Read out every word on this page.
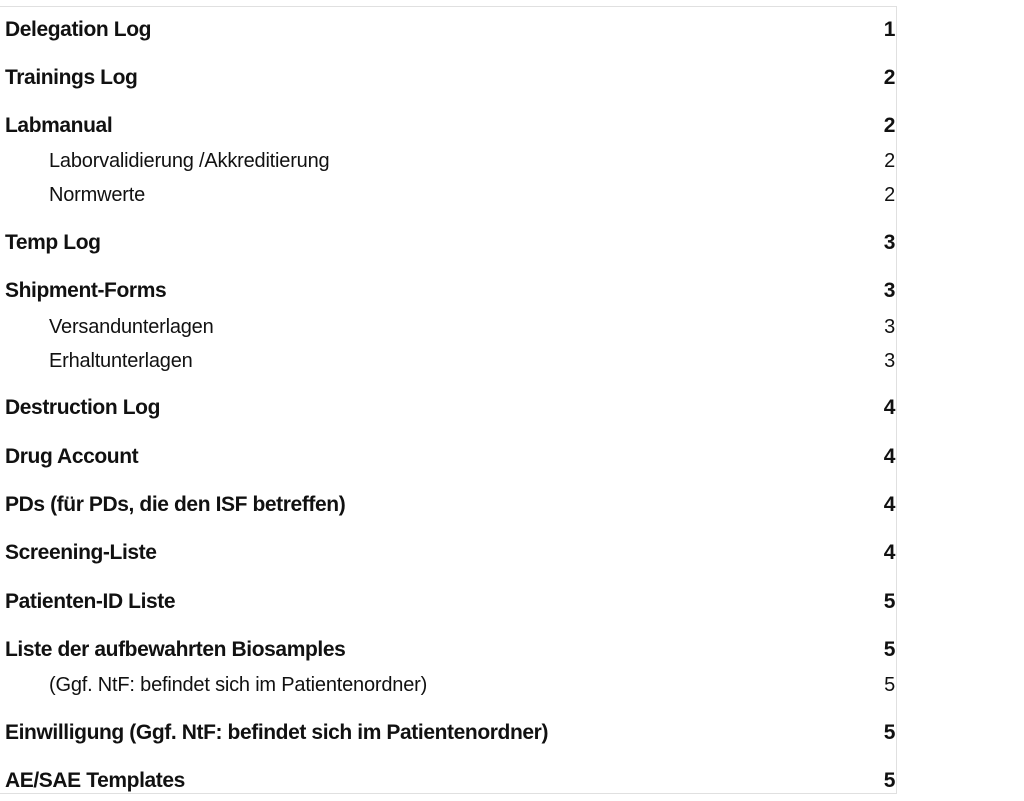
Delegation Log	1
Trainings Log	2
Labmanual	2
Laborvalidierung /Akkreditierung	2
Normwerte	2
Temp Log	3
Shipment-Forms	3
Versandunterlagen	3
Erhaltunterlagen	3
Destruction Log	4
Drug Account	4
PDs (für PDs, die den ISF betreffen)	4
Screening-Liste	4
Patienten-ID Liste	5
Liste der aufbewahrten Biosamples	5
(Ggf. NtF: befindet sich im Patientenordner)	5
Einwilligung (Ggf. NtF: befindet sich im Patientenordner)	5
AE/SAE Templates	5
